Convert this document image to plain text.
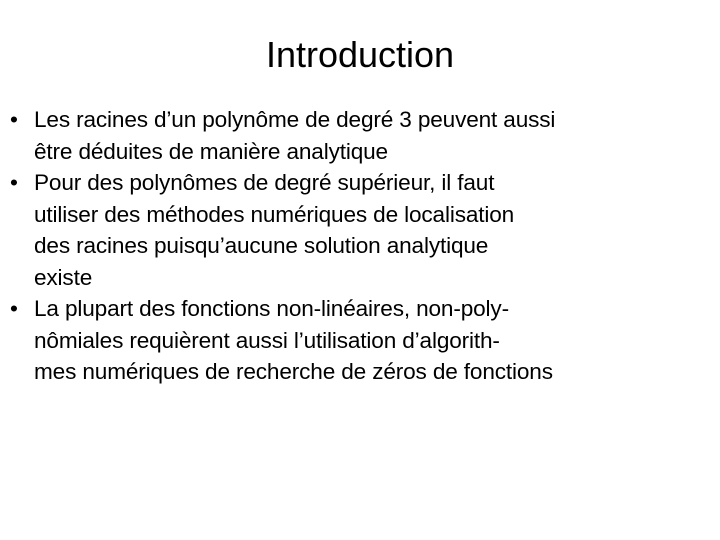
Introduction
• Les racines d’un polynôme de degré 3 peuvent aussi
être déduites de manière analytique
• Pour des polynômes de degré supérieur, il faut
utiliser des méthodes numériques de localisation
des racines puisqu’aucune solution analytique
existe
• La plupart des fonctions non-linéaires, non-poly-
nômiales requièrent aussi l’utilisation d’algorith-
mes numériques de recherche de zéros de fonctions
